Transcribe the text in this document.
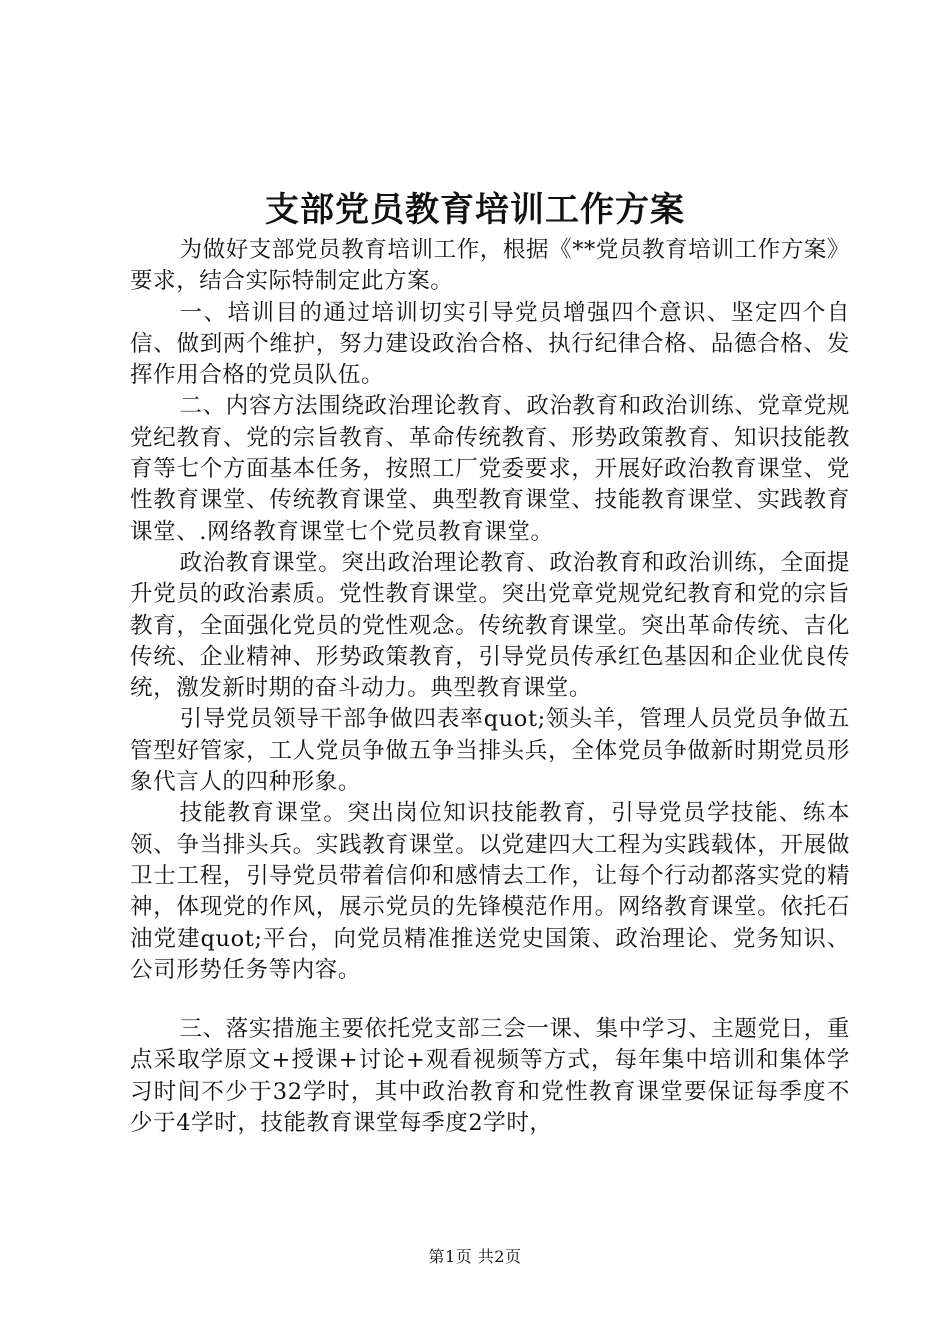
支部党员教育培训工作方案

为做好支部党员教育培训工作，根据《**党员教育培训工作方案》要求，结合实际特制定此方案。

一、培训目的通过培训切实引导党员增强四个意识、坚定四个自信、做到两个维护，努力建设政治合格、执行纪律合格、品德合格、发挥作用合格的党员队伍。

二、内容方法围绕政治理论教育、政治教育和政治训练、党章党规党纪教育、党的宗旨教育、革命传统教育、形势政策教育、知识技能教育等七个方面基本任务，按照工厂党委要求，开展好政治教育课堂、党性教育课堂、传统教育课堂、典型教育课堂、技能教育课堂、实践教育课堂、.网络教育课堂七个党员教育课堂。

政治教育课堂。突出政治理论教育、政治教育和政治训练，全面提升党员的政治素质。党性教育课堂。突出党章党规党纪教育和党的宗旨教育，全面强化党员的党性观念。传统教育课堂。突出革命传统、吉化传统、企业精神、形势政策教育，引导党员传承红色基因和企业优良传统，激发新时期的奋斗动力。典型教育课堂。

引导党员领导干部争做四表率quot;领头羊，管理人员党员争做五管型好管家，工人党员争做五争当排头兵，全体党员争做新时期党员形象代言人的四种形象。

技能教育课堂。突出岗位知识技能教育，引导党员学技能、练本领、争当排头兵。实践教育课堂。以党建四大工程为实践载体，开展做卫士工程，引导党员带着信仰和感情去工作，让每个行动都落实党的精神，体现党的作风，展示党员的先锋模范作用。网络教育课堂。依托石油党建quot;平台，向党员精准推送党史国策、政治理论、党务知识、公司形势任务等内容。

三、落实措施主要依托党支部三会一课、集中学习、主题党日，重点采取学原文+授课+讨论+观看视频等方式，每年集中培训和集体学习时间不少于32学时，其中政治教育和党性教育课堂要保证每季度不少于4学时，技能教育课堂每季度2学时，

第1页 共2页
